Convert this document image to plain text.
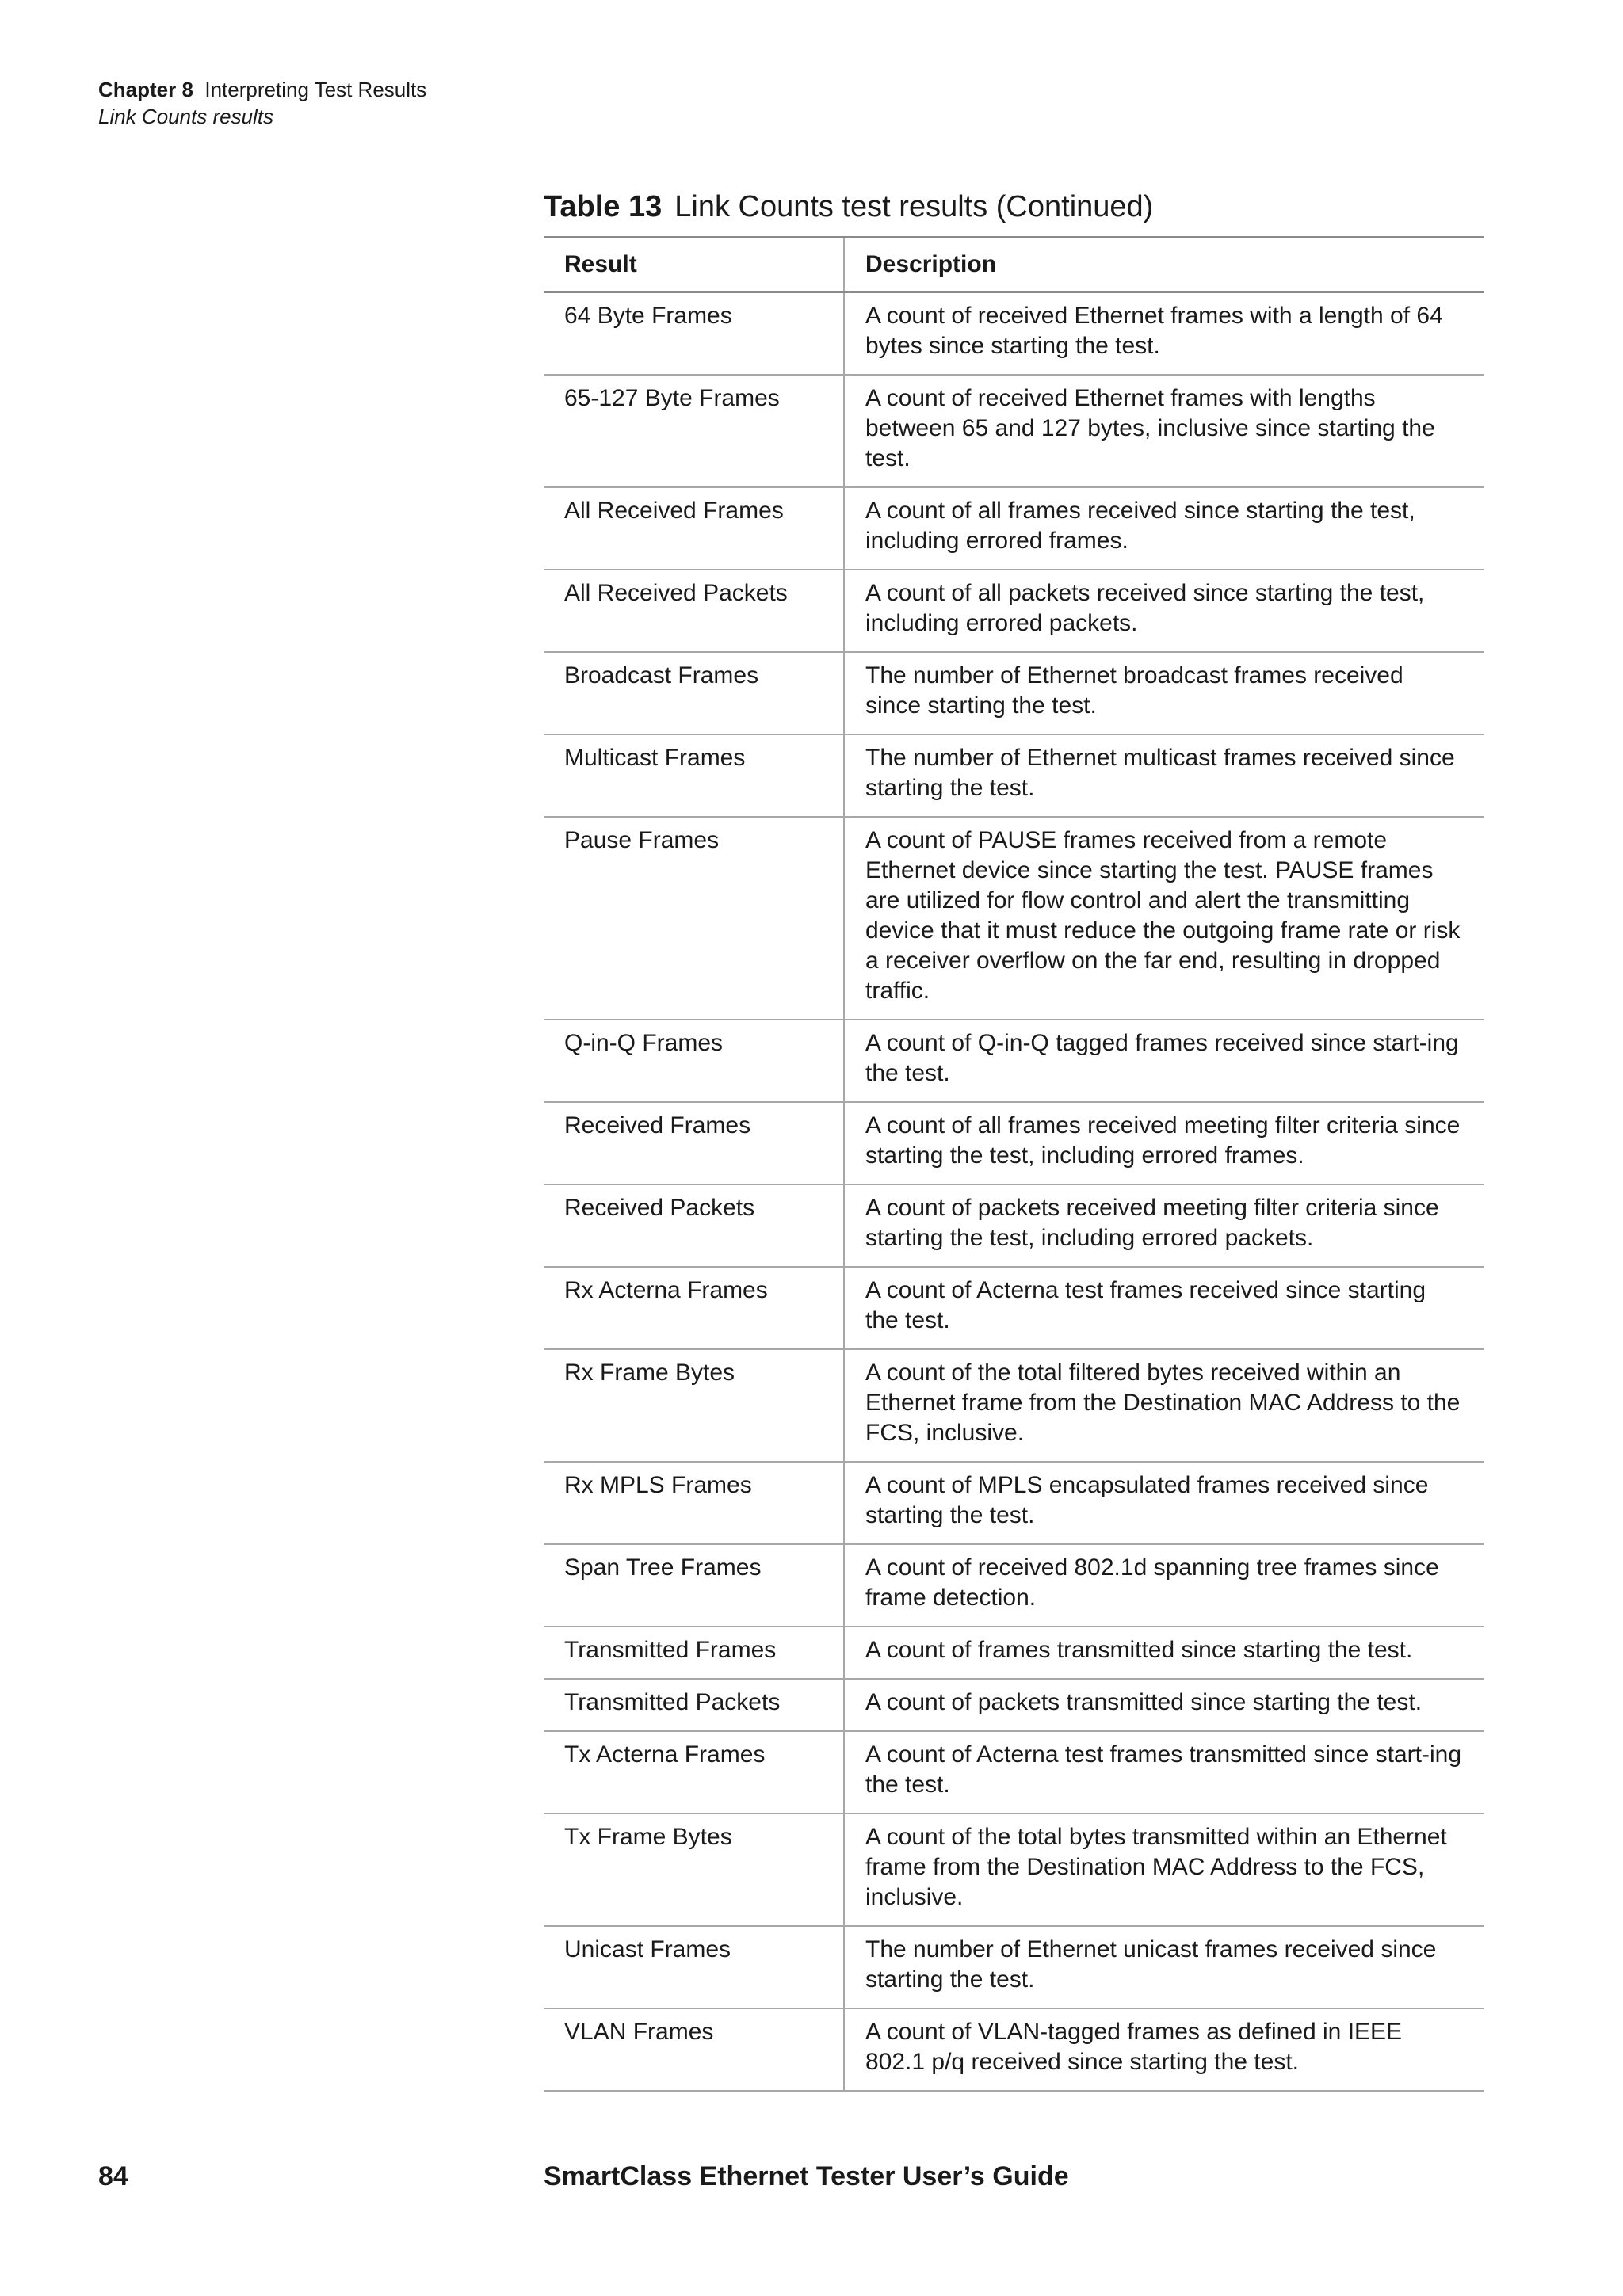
Chapter 8 Interpreting Test Results
Link Counts results
Table 13 Link Counts test results (Continued)
Result	Description
64 Byte Frames	A count of received Ethernet frames with a length of 64 bytes since starting the test.
65-127 Byte Frames	A count of received Ethernet frames with lengths between 65 and 127 bytes, inclusive since starting the test.
All Received Frames	A count of all frames received since starting the test, including errored frames.
All Received Packets	A count of all packets received since starting the test, including errored packets.
Broadcast Frames	The number of Ethernet broadcast frames received since starting the test.
Multicast Frames	The number of Ethernet multicast frames received since starting the test.
Pause Frames	A count of PAUSE frames received from a remote Ethernet device since starting the test. PAUSE frames are utilized for flow control and alert the transmitting device that it must reduce the outgoing frame rate or risk a receiver overflow on the far end, resulting in dropped traffic.
Q-in-Q Frames	A count of Q-in-Q tagged frames received since start-ing the test.
Received Frames	A count of all frames received meeting filter criteria since starting the test, including errored frames.
Received Packets	A count of packets received meeting filter criteria since starting the test, including errored packets.
Rx Acterna Frames	A count of Acterna test frames received since starting the test.
Rx Frame Bytes	A count of the total filtered bytes received within an Ethernet frame from the Destination MAC Address to the FCS, inclusive.
Rx MPLS Frames	A count of MPLS encapsulated frames received since starting the test.
Span Tree Frames	A count of received 802.1d spanning tree frames since frame detection.
Transmitted Frames	A count of frames transmitted since starting the test.
Transmitted Packets	A count of packets transmitted since starting the test.
Tx Acterna Frames	A count of Acterna test frames transmitted since start-ing the test.
Tx Frame Bytes	A count of the total bytes transmitted within an Ethernet frame from the Destination MAC Address to the FCS, inclusive.
Unicast Frames	The number of Ethernet unicast frames received since starting the test.
VLAN Frames	A count of VLAN-tagged frames as defined in IEEE 802.1 p/q received since starting the test.
84	SmartClass Ethernet Tester User’s Guide
